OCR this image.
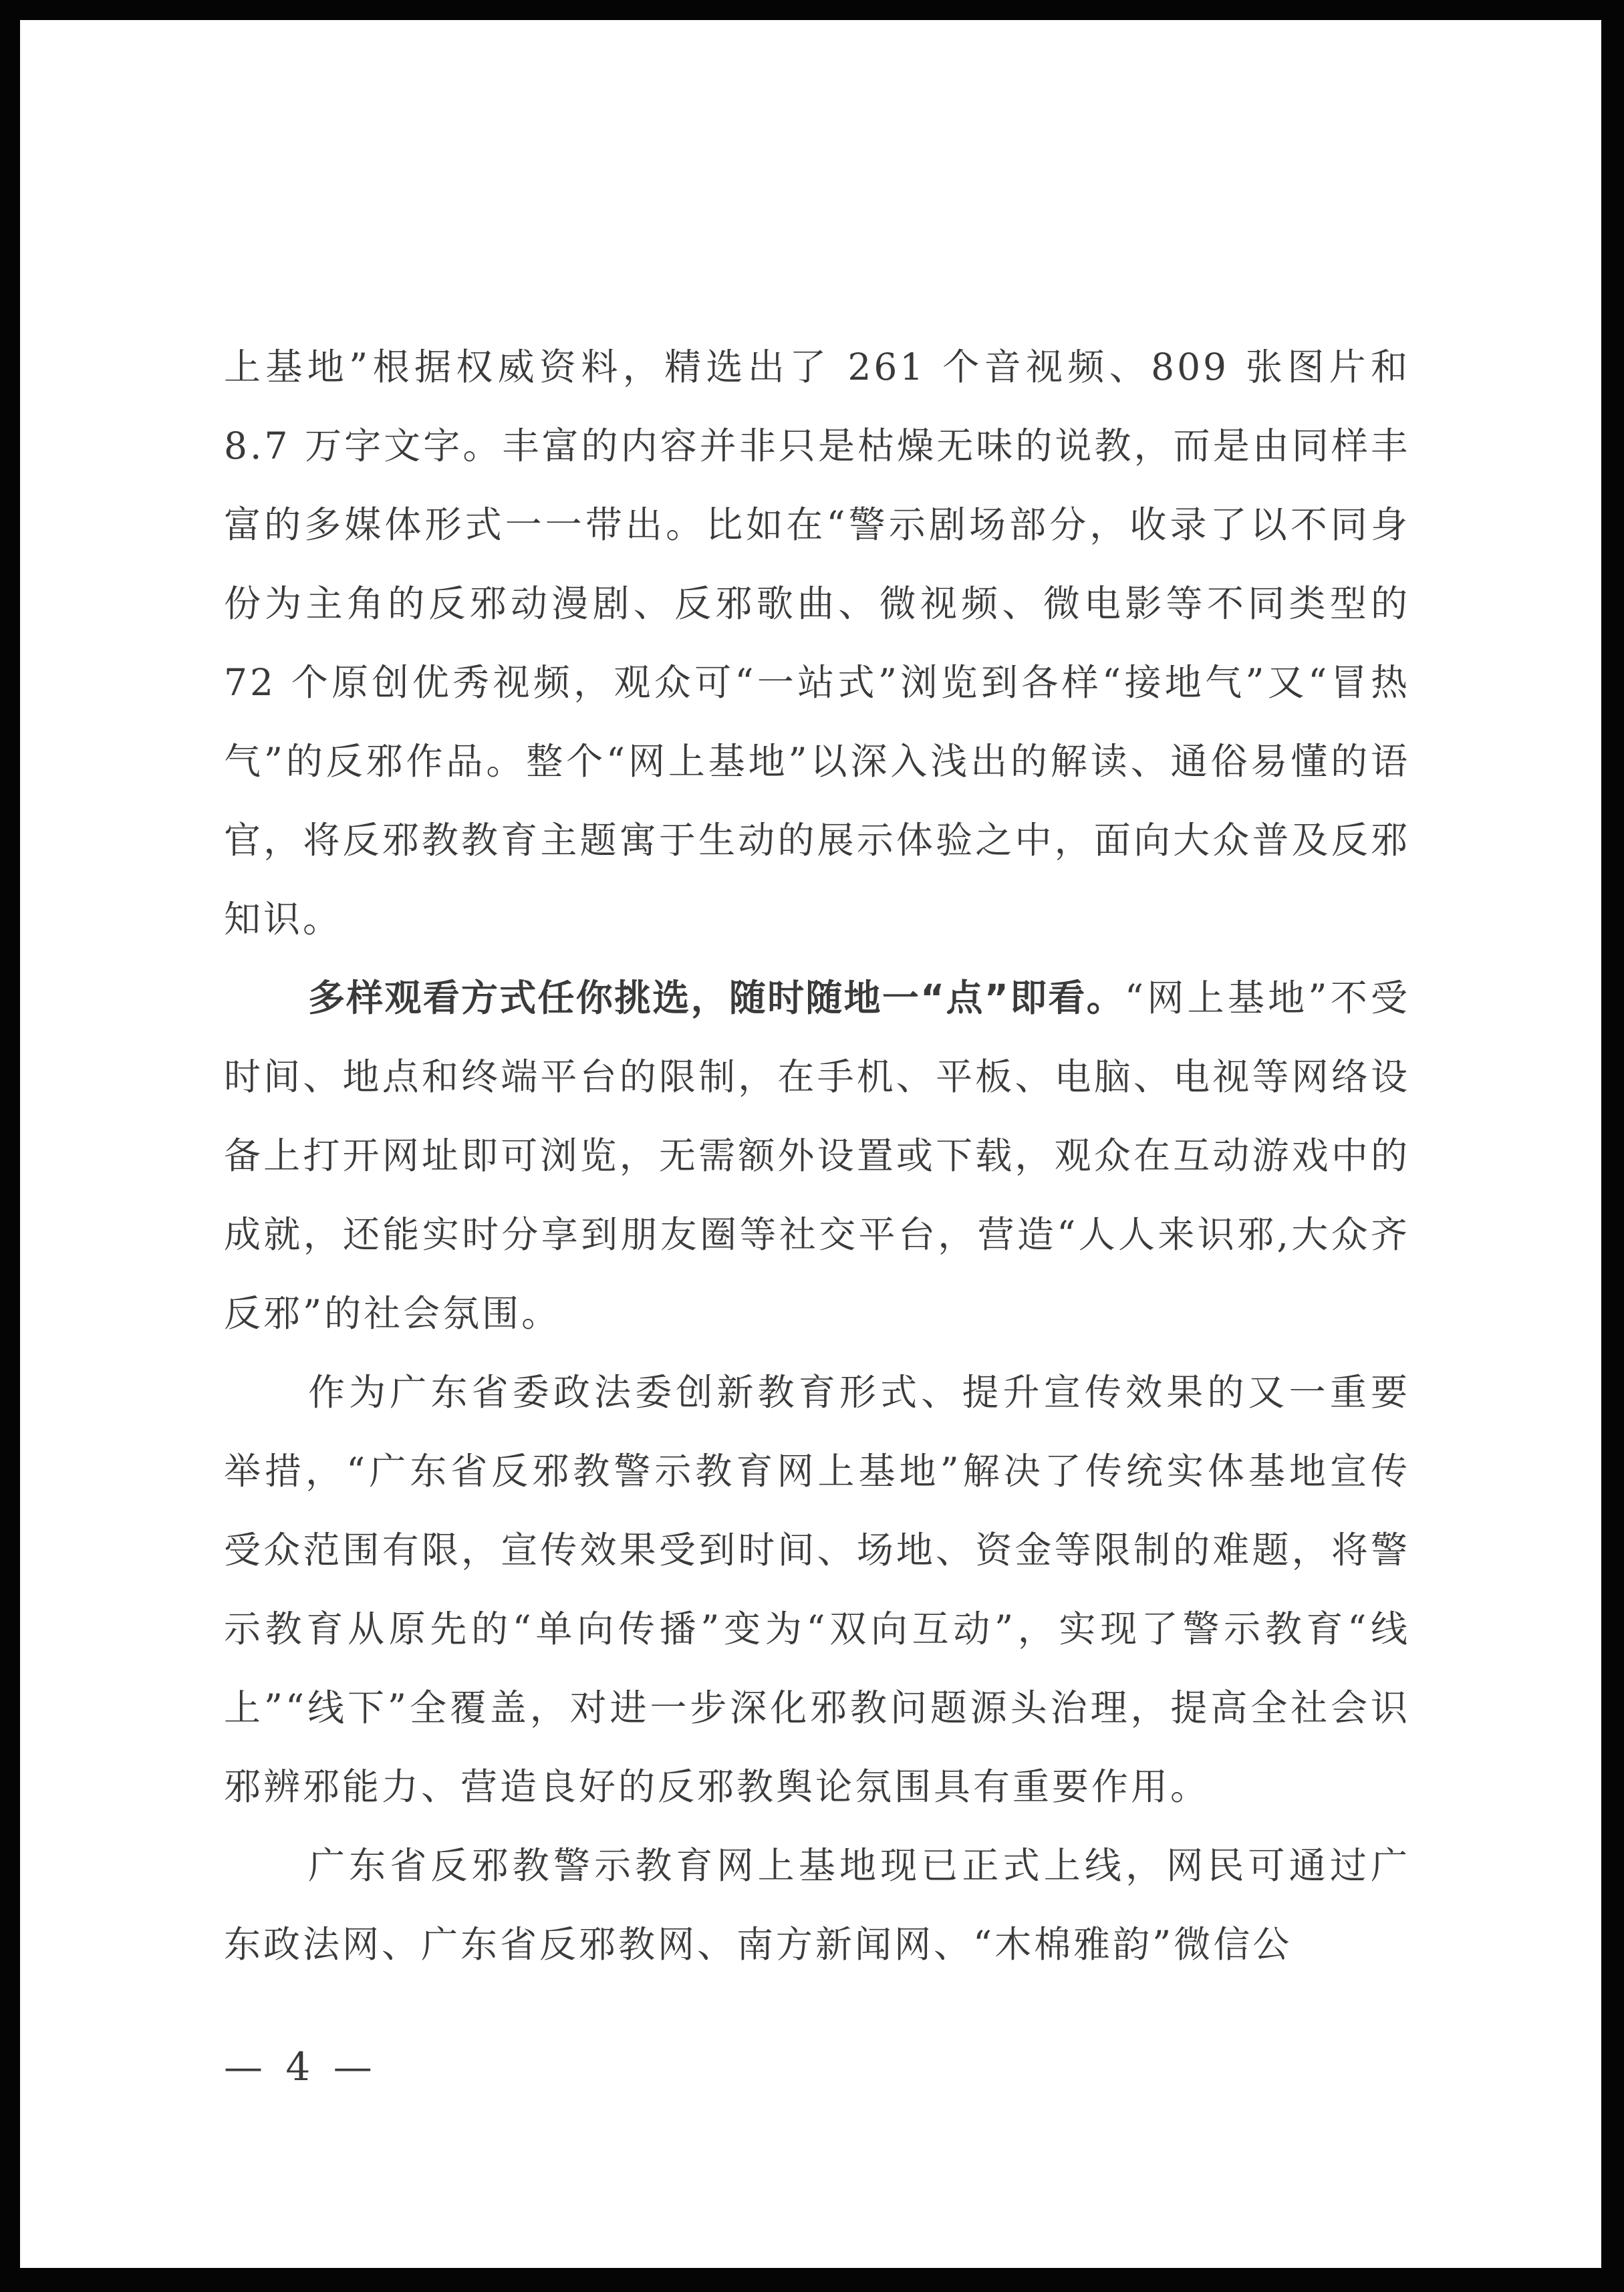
上基地”根据权威资料，精选出了 261 个音视频、809 张图片和 8.7 万字文字。丰富的内容并非只是枯燥无味的说教，而是由同样丰富的多媒体形式一一带出。比如在“警示剧场部分，收录了以不同身份为主角的反邪动漫剧、反邪歌曲、微视频、微电影等不同类型的 72 个原创优秀视频，观众可“一站式”浏览到各样“接地气”又“冒热气”的反邪作品。整个“网上基地”以深入浅出的解读、通俗易懂的语官，将反邪教教育主题寓于生动的展示体验之中，面向大众普及反邪知识。

多样观看方式任你挑选，随时随地一“点”即看。“网上基地”不受时间、地点和终端平台的限制，在手机、平板、电脑、电视等网络设备上打开网址即可浏览，无需额外设置或下载，观众在互动游戏中的成就，还能实时分享到朋友圈等社交平台，营造“人人来识邪,大众齐反邪”的社会氛围。

作为广东省委政法委创新教育形式、提升宣传效果的又一重要举措，“广东省反邪教警示教育网上基地”解决了传统实体基地宣传受众范围有限，宣传效果受到时间、场地、资金等限制的难题，将警示教育从原先的“单向传播”变为“双向互动”，实现了警示教育“线上”“线下”全覆盖，对进一步深化邪教问题源头治理，提高全社会识邪辨邪能力、营造良好的反邪教舆论氛围具有重要作用。

广东省反邪教警示教育网上基地现已正式上线，网民可通过广东政法网、广东省反邪教网、南方新闻网、“木棉雅韵”微信公

— 4 —
